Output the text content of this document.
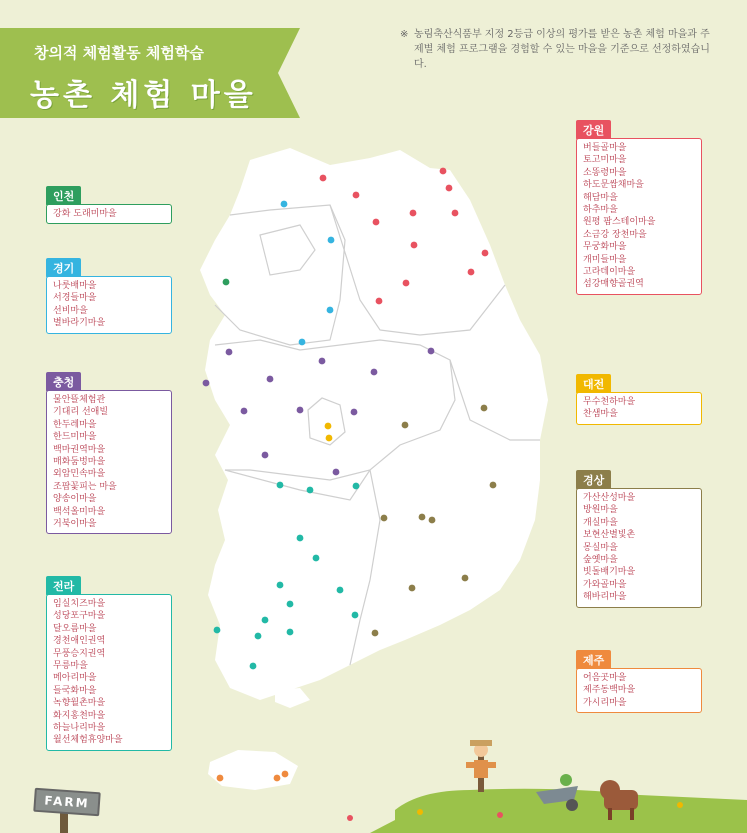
창의적 체험활동 체험학습
농촌 체험 마을
※ 농림축산식품부 지정 2등급 이상의 평가를 받은 농촌 체험 마을과 주제별 체험 프로그램을 경험할 수 있는 마을을 기준으로 선정하였습니다.
인천
강화 도래미마을
경기
나룻배마을
서경들마을
선비마을
별바라기마을
충청
물안뜰체험관
기대리 선애빌
한두레마을
한드미마을
백마권역마을
매화둠벙마을
외암민속마을
조팝꽃피는 마을
양송이마을
백석올미마을
거북이마을
전라
임실치즈마을
성당포구마을
달오름마을
경천애인권역
무풍승지권역
무릉마을
메아리마을
들국화마을
녹향월촌마을
화지홍천마을
하늘나리마을
월선체험휴양마을
강원
버들골마을
토고미마을
소똥령마을
하도문쌈채마을
해담마을
하추마을
원평 팜스테이마을
소금강 장천마을
무궁화마을
개미들마을
고라데이마을
섬강매향골권역
대전
무수천하마을
찬샘마을
경상
가산산성마을
방원마을
개실마을
보현산별빛촌
몽실마을
숲옛마을
빗돌배기마을
가와골마을
해바리마을
제주
어음곳마을
제주동백마을
가시리마을
FARM
